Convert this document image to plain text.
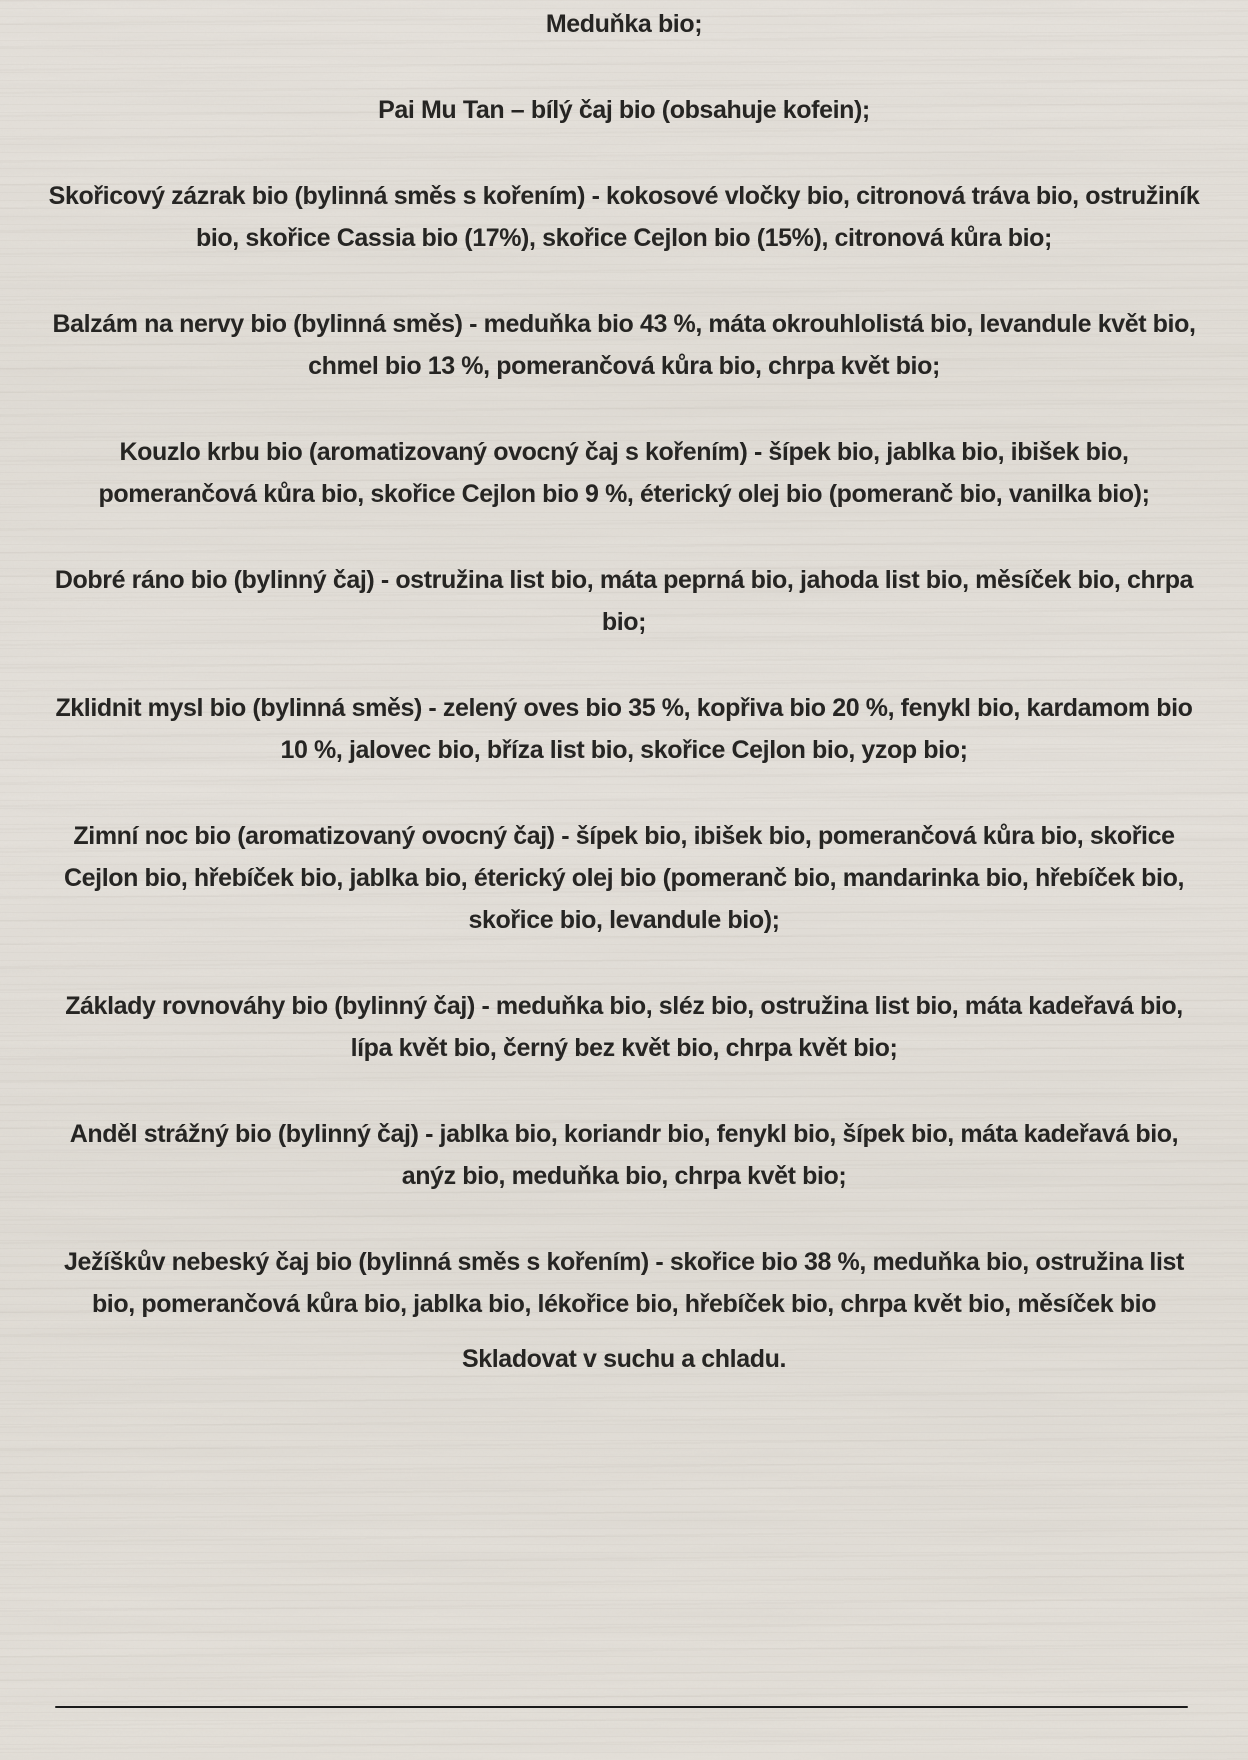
Meduňka bio;

Pai Mu Tan – bílý čaj bio (obsahuje kofein);

Skořicový zázrak bio (bylinná směs s kořením) - kokosové vločky bio, citronová tráva bio, ostružiník bio, skořice Cassia bio (17%), skořice Cejlon bio (15%), citronová kůra bio;

Balzám na nervy bio (bylinná směs) - meduňka bio 43 %, máta okrouhlolistá bio, levandule květ bio, chmel bio 13 %, pomerančová kůra bio, chrpa květ bio;

Kouzlo krbu bio (aromatizovaný ovocný čaj s kořením) - šípek bio, jablka bio, ibišek bio, pomerančová kůra bio, skořice Cejlon bio 9 %, éterický olej bio (pomeranč bio, vanilka bio);

Dobré ráno bio (bylinný čaj) - ostružina list bio, máta peprná bio, jahoda list bio, měsíček bio, chrpa bio;

Zklidnit mysl bio (bylinná směs) - zelený oves bio 35 %, kopřiva bio 20 %, fenykl bio, kardamom bio 10 %, jalovec bio, bříza list bio, skořice Cejlon bio, yzop bio;

Zimní noc bio (aromatizovaný ovocný čaj) - šípek bio, ibišek bio, pomerančová kůra bio, skořice Cejlon bio, hřebíček bio, jablka bio, éterický olej bio (pomeranč bio, mandarinka bio, hřebíček bio, skořice bio, levandule bio);

Základy rovnováhy bio (bylinný čaj) - meduňka bio, sléz bio, ostružina list bio, máta kadeřavá bio, lípa květ bio, černý bez květ bio, chrpa květ bio;

Anděl strážný bio (bylinný čaj) - jablka bio, koriandr bio, fenykl bio, šípek bio, máta kadeřavá bio, anýz bio, meduňka bio, chrpa květ bio;

Ježíškův nebeský čaj bio (bylinná směs s kořením) - skořice bio 38 %, meduňka bio, ostružina list bio, pomerančová kůra bio, jablka bio, lékořice bio, hřebíček bio, chrpa květ bio, měsíček bio

Skladovat v suchu a chladu.
